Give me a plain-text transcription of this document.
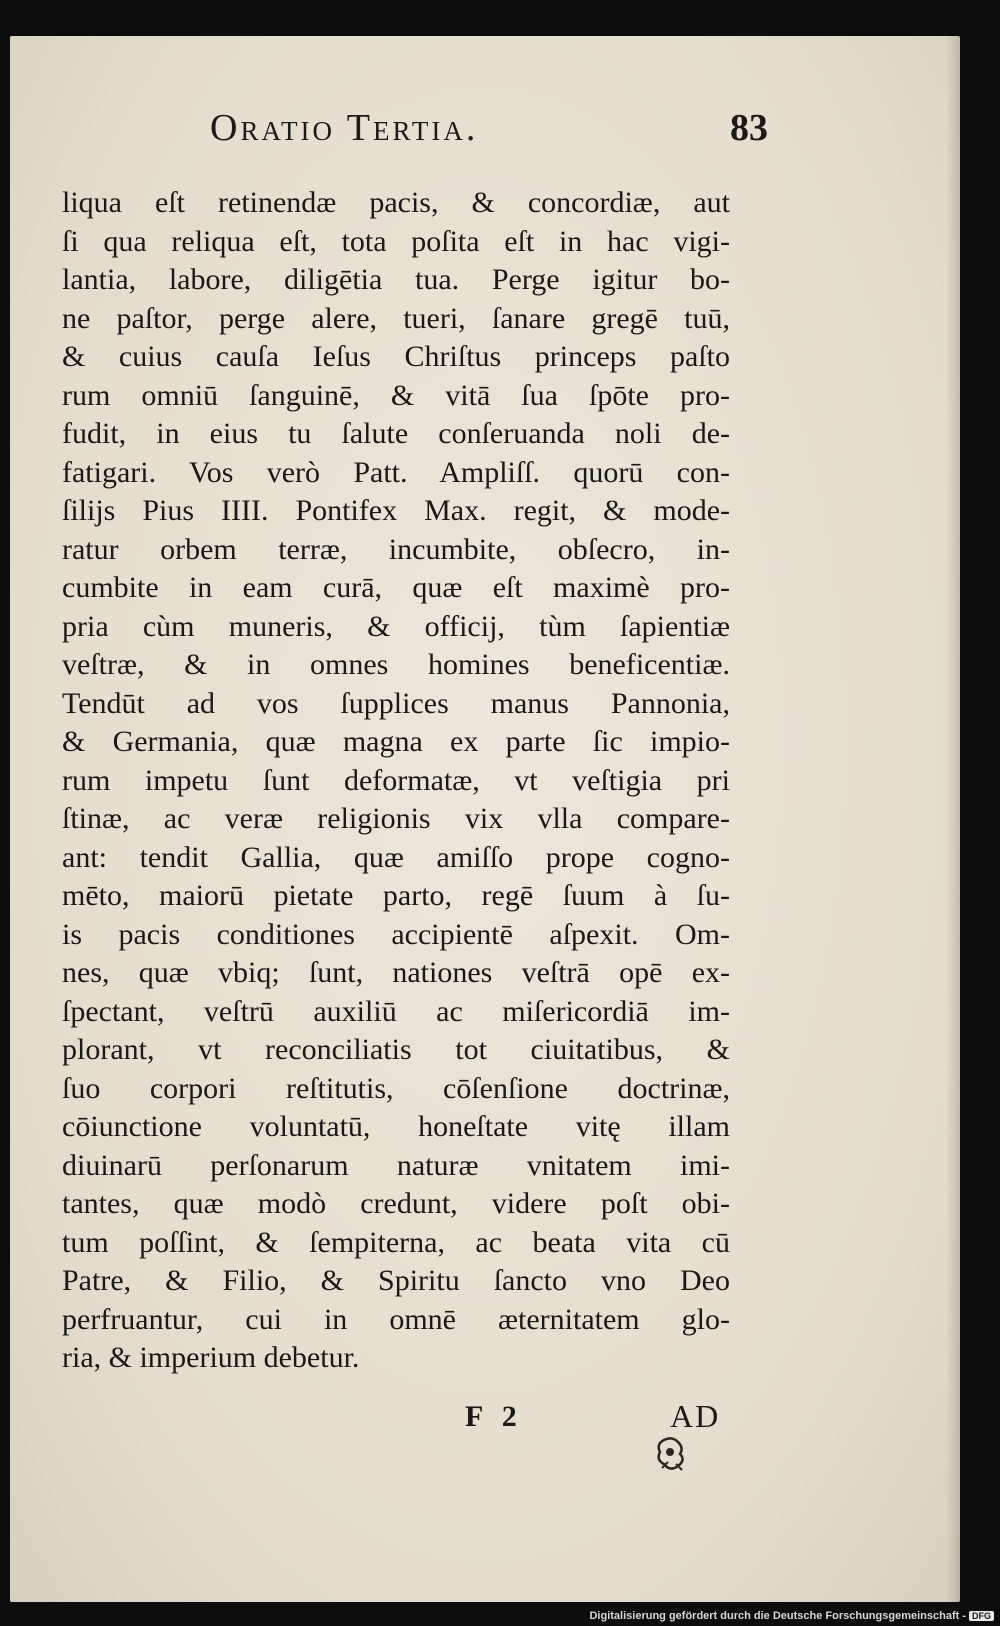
Oratio Tertia.	83
liqua eſt retinendæ pacis, & concordiæ, aut
ſi qua reliqua eſt, tota poſita eſt in hac vigi-
lantia, labore, diligētia tua. Perge igitur bo-
ne paſtor, perge alere, tueri, ſanare gregē tuū,
& cuius cauſa Ieſus Chriſtus princeps paſto
rum omniū ſanguinē, & vitā ſua ſpōte pro-
fudit, in eius tu ſalute conſeruanda noli de-
fatigari. Vos verò Patt. Ampliſſ. quorū con-
ſilijs Pius IIII. Pontifex Max. regit, & mode-
ratur orbem terræ, incumbite, obſecro, in-
cumbite in eam curā, quæ eſt maximè pro-
pria cùm muneris, & officij, tùm ſapientiæ
veſtræ, & in omnes homines beneficentiæ.
Tendūt ad vos ſupplices manus Pannonia,
& Germania, quæ magna ex parte ſic impio-
rum impetu ſunt deformatæ, vt veſtigia pri
ſtinæ, ac veræ religionis vix vlla compare-
ant: tendit Gallia, quæ amiſſo prope cogno-
mēto, maiorū pietate parto, regē ſuum à ſu-
is pacis conditiones accipientē aſpexit. Om-
nes, quæ vbiq; ſunt, nationes veſtrā opē ex-
ſpectant, veſtrū auxiliū ac miſericordiā im-
plorant, vt reconciliatis tot ciuitatibus, &
ſuo corpori reſtitutis, cōſenſione doctrinæ,
cōiunctione voluntatū, honeſtate vitę illam
diuinarū perſonarum naturæ vnitatem imi-
tantes, quæ modò credunt, videre poſt obi-
tum poſſint, & ſempiterna, ac beata vita cū
Patre, & Filio, & Spiritu ſancto vno Deo
perfruantur, cui in omnē æternitatem glo-
ria, & imperium debetur.
F 2	AD
Digitalisierung gefördert durch die Deutsche Forschungsgemeinschaft - DFG
